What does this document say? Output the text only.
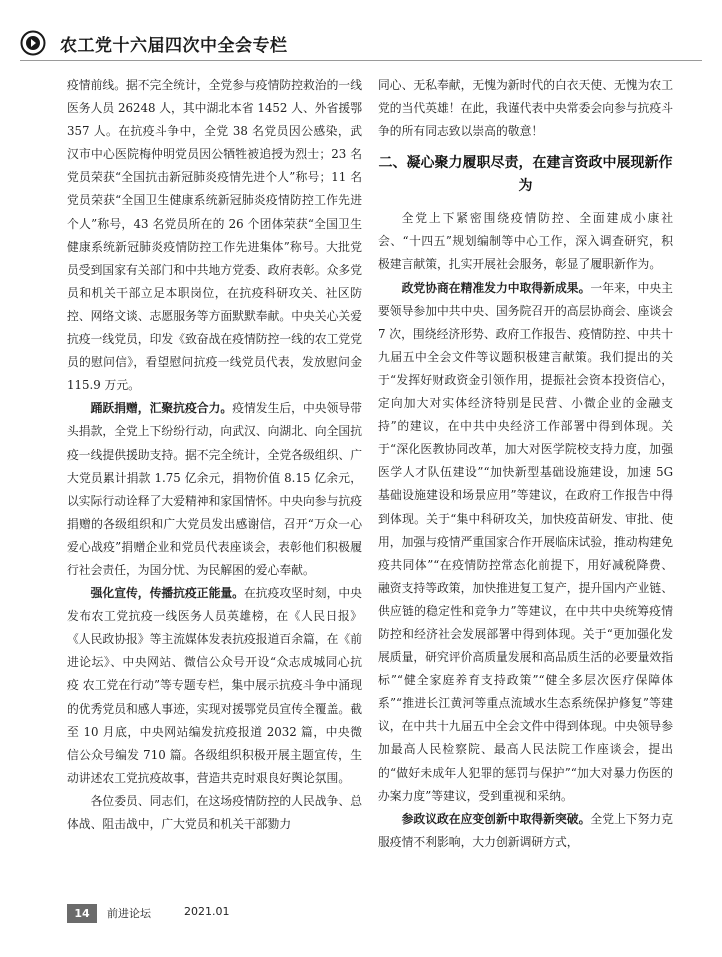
农工党十六届四次中全会专栏

疫情前线。据不完全统计，全党参与疫情防控救治的一线医务人员 26248 人，其中湖北本省 1452 人、外省援鄂 357 人。在抗疫斗争中，全党 38 名党员因公感染，武汉市中心医院梅仲明党员因公牺牲被追授为烈士；23 名党员荣获“全国抗击新冠肺炎疫情先进个人”称号；11 名党员荣获“全国卫生健康系统新冠肺炎疫情防控工作先进个人”称号，43 名党员所在的 26 个团体荣获“全国卫生健康系统新冠肺炎疫情防控工作先进集体”称号。大批党员受到国家有关部门和中共地方党委、政府表彰。众多党员和机关干部立足本职岗位，在抗疫科研攻关、社区防控、网络文谈、志愿服务等方面默默奉献。中央关心关爱抗疫一线党员，印发《致奋战在疫情防控一线的农工党党员的慰问信》，看望慰问抗疫一线党员代表，发放慰问金 115.9 万元。

踊跃捐赠，汇聚抗疫合力。疫情发生后，中央领导带头捐款，全党上下纷纷行动，向武汉、向湖北、向全国抗疫一线提供援助支持。据不完全统计，全党各级组织、广大党员累计捐款 1.75 亿余元，捐物价值 8.15 亿余元，以实际行动诠释了大爱精神和家国情怀。中央向参与抗疫捐赠的各级组织和广大党员发出感谢信，召开“万众一心 爱心战疫”捐赠企业和党员代表座谈会，表彰他们积极履行社会责任，为国分忧、为民解困的爱心奉献。

强化宣传，传播抗疫正能量。在抗疫攻坚时刻，中央发布农工党抗疫一线医务人员英雄榜，在《人民日报》《人民政协报》等主流媒体发表抗疫报道百余篇，在《前进论坛》、中央网站、微信公众号开设“众志成城同心抗疫 农工党在行动”等专题专栏，集中展示抗疫斗争中涌现的优秀党员和感人事迹，实现对援鄂党员宣传全覆盖。截至 10 月底，中央网站编发抗疫报道 2032 篇，中央微信公众号编发 710 篇。各级组织积极开展主题宣传，生动讲述农工党抗疫故事，营造共克时艰良好舆论氛围。

各位委员、同志们，在这场疫情防控的人民战争、总体战、阻击战中，广大党员和机关干部勠力

同心、无私奉献，无愧为新时代的白衣天使、无愧为农工党的当代英雄！在此，我谨代表中央常委会向参与抗疫斗争的所有同志致以崇高的敬意！

二、凝心聚力履职尽责，在建言资政中展现新作为

全党上下紧密围绕疫情防控、全面建成小康社会、“十四五”规划编制等中心工作，深入调查研究，积极建言献策，扎实开展社会服务，彰显了履职新作为。

政党协商在精准发力中取得新成果。一年来，中央主要领导参加中共中央、国务院召开的高层协商会、座谈会 7 次，围绕经济形势、政府工作报告、疫情防控、中共十九届五中全会文件等议题积极建言献策。我们提出的关于“发挥好财政资金引领作用，提振社会资本投资信心，定向加大对实体经济特别是民营、小微企业的金融支持”的建议，在中共中央经济工作部署中得到体现。关于“深化医教协同改革，加大对医学院校支持力度，加强医学人才队伍建设”“加快新型基础设施建设，加速 5G 基础设施建设和场景应用”等建议，在政府工作报告中得到体现。关于“集中科研攻关，加快疫苗研发、审批、使用，加强与疫情严重国家合作开展临床试验，推动构建免疫共同体”“在疫情防控常态化前提下，用好减税降费、融资支持等政策，加快推进复工复产，提升国内产业链、供应链的稳定性和竞争力”等建议，在中共中央统筹疫情防控和经济社会发展部署中得到体现。关于“更加强化发展质量，研究评价高质量发展和高品质生活的必要量效指标”“健全家庭养育支持政策”“健全多层次医疗保障体系”“推进长江黄河等重点流域水生态系统保护修复”等建议，在中共十九届五中全会文件中得到体现。中央领导参加最高人民检察院、最高人民法院工作座谈会，提出的“做好未成年人犯罪的惩罚与保护”“加大对暴力伤医的办案力度”等建议，受到重视和采纳。

参政议政在应变创新中取得新突破。全党上下努力克服疫情不利影响，大力创新调研方式，

14	前进论坛	2021.01
